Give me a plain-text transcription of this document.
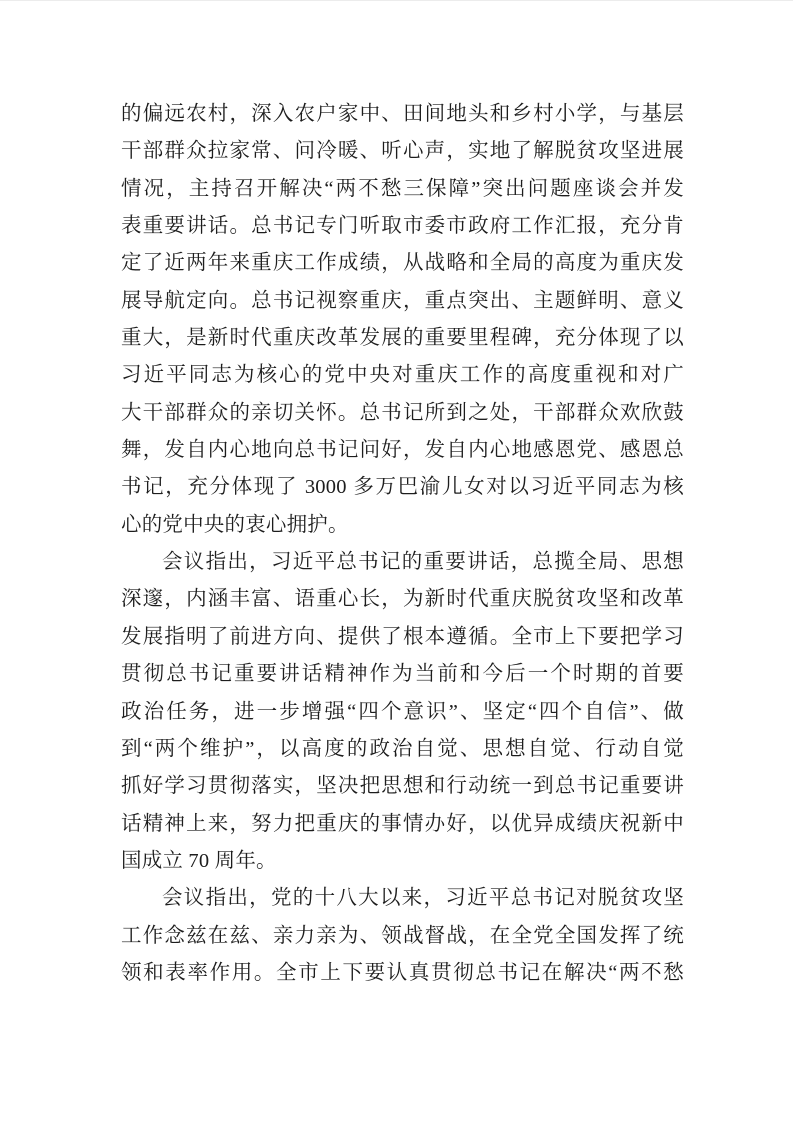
的偏远农村，深入农户家中、田间地头和乡村小学，与基层
干部群众拉家常、问冷暖、听心声，实地了解脱贫攻坚进展
情况，主持召开解决“两不愁三保障”突出问题座谈会并发
表重要讲话。总书记专门听取市委市政府工作汇报，充分肯
定了近两年来重庆工作成绩，从战略和全局的高度为重庆发
展导航定向。总书记视察重庆，重点突出、主题鲜明、意义
重大，是新时代重庆改革发展的重要里程碑，充分体现了以
习近平同志为核心的党中央对重庆工作的高度重视和对广
大干部群众的亲切关怀。总书记所到之处，干部群众欢欣鼓
舞，发自内心地向总书记问好，发自内心地感恩党、感恩总
书记，充分体现了 3000 多万巴渝儿女对以习近平同志为核
心的党中央的衷心拥护。
会议指出，习近平总书记的重要讲话，总揽全局、思想
深邃，内涵丰富、语重心长，为新时代重庆脱贫攻坚和改革
发展指明了前进方向、提供了根本遵循。全市上下要把学习
贯彻总书记重要讲话精神作为当前和今后一个时期的首要
政治任务，进一步增强“四个意识”、坚定“四个自信”、做
到“两个维护”，以高度的政治自觉、思想自觉、行动自觉
抓好学习贯彻落实，坚决把思想和行动统一到总书记重要讲
话精神上来，努力把重庆的事情办好，以优异成绩庆祝新中
国成立 70 周年。
会议指出，党的十八大以来，习近平总书记对脱贫攻坚
工作念兹在兹、亲力亲为、领战督战，在全党全国发挥了统
领和表率作用。全市上下要认真贯彻总书记在解决“两不愁
